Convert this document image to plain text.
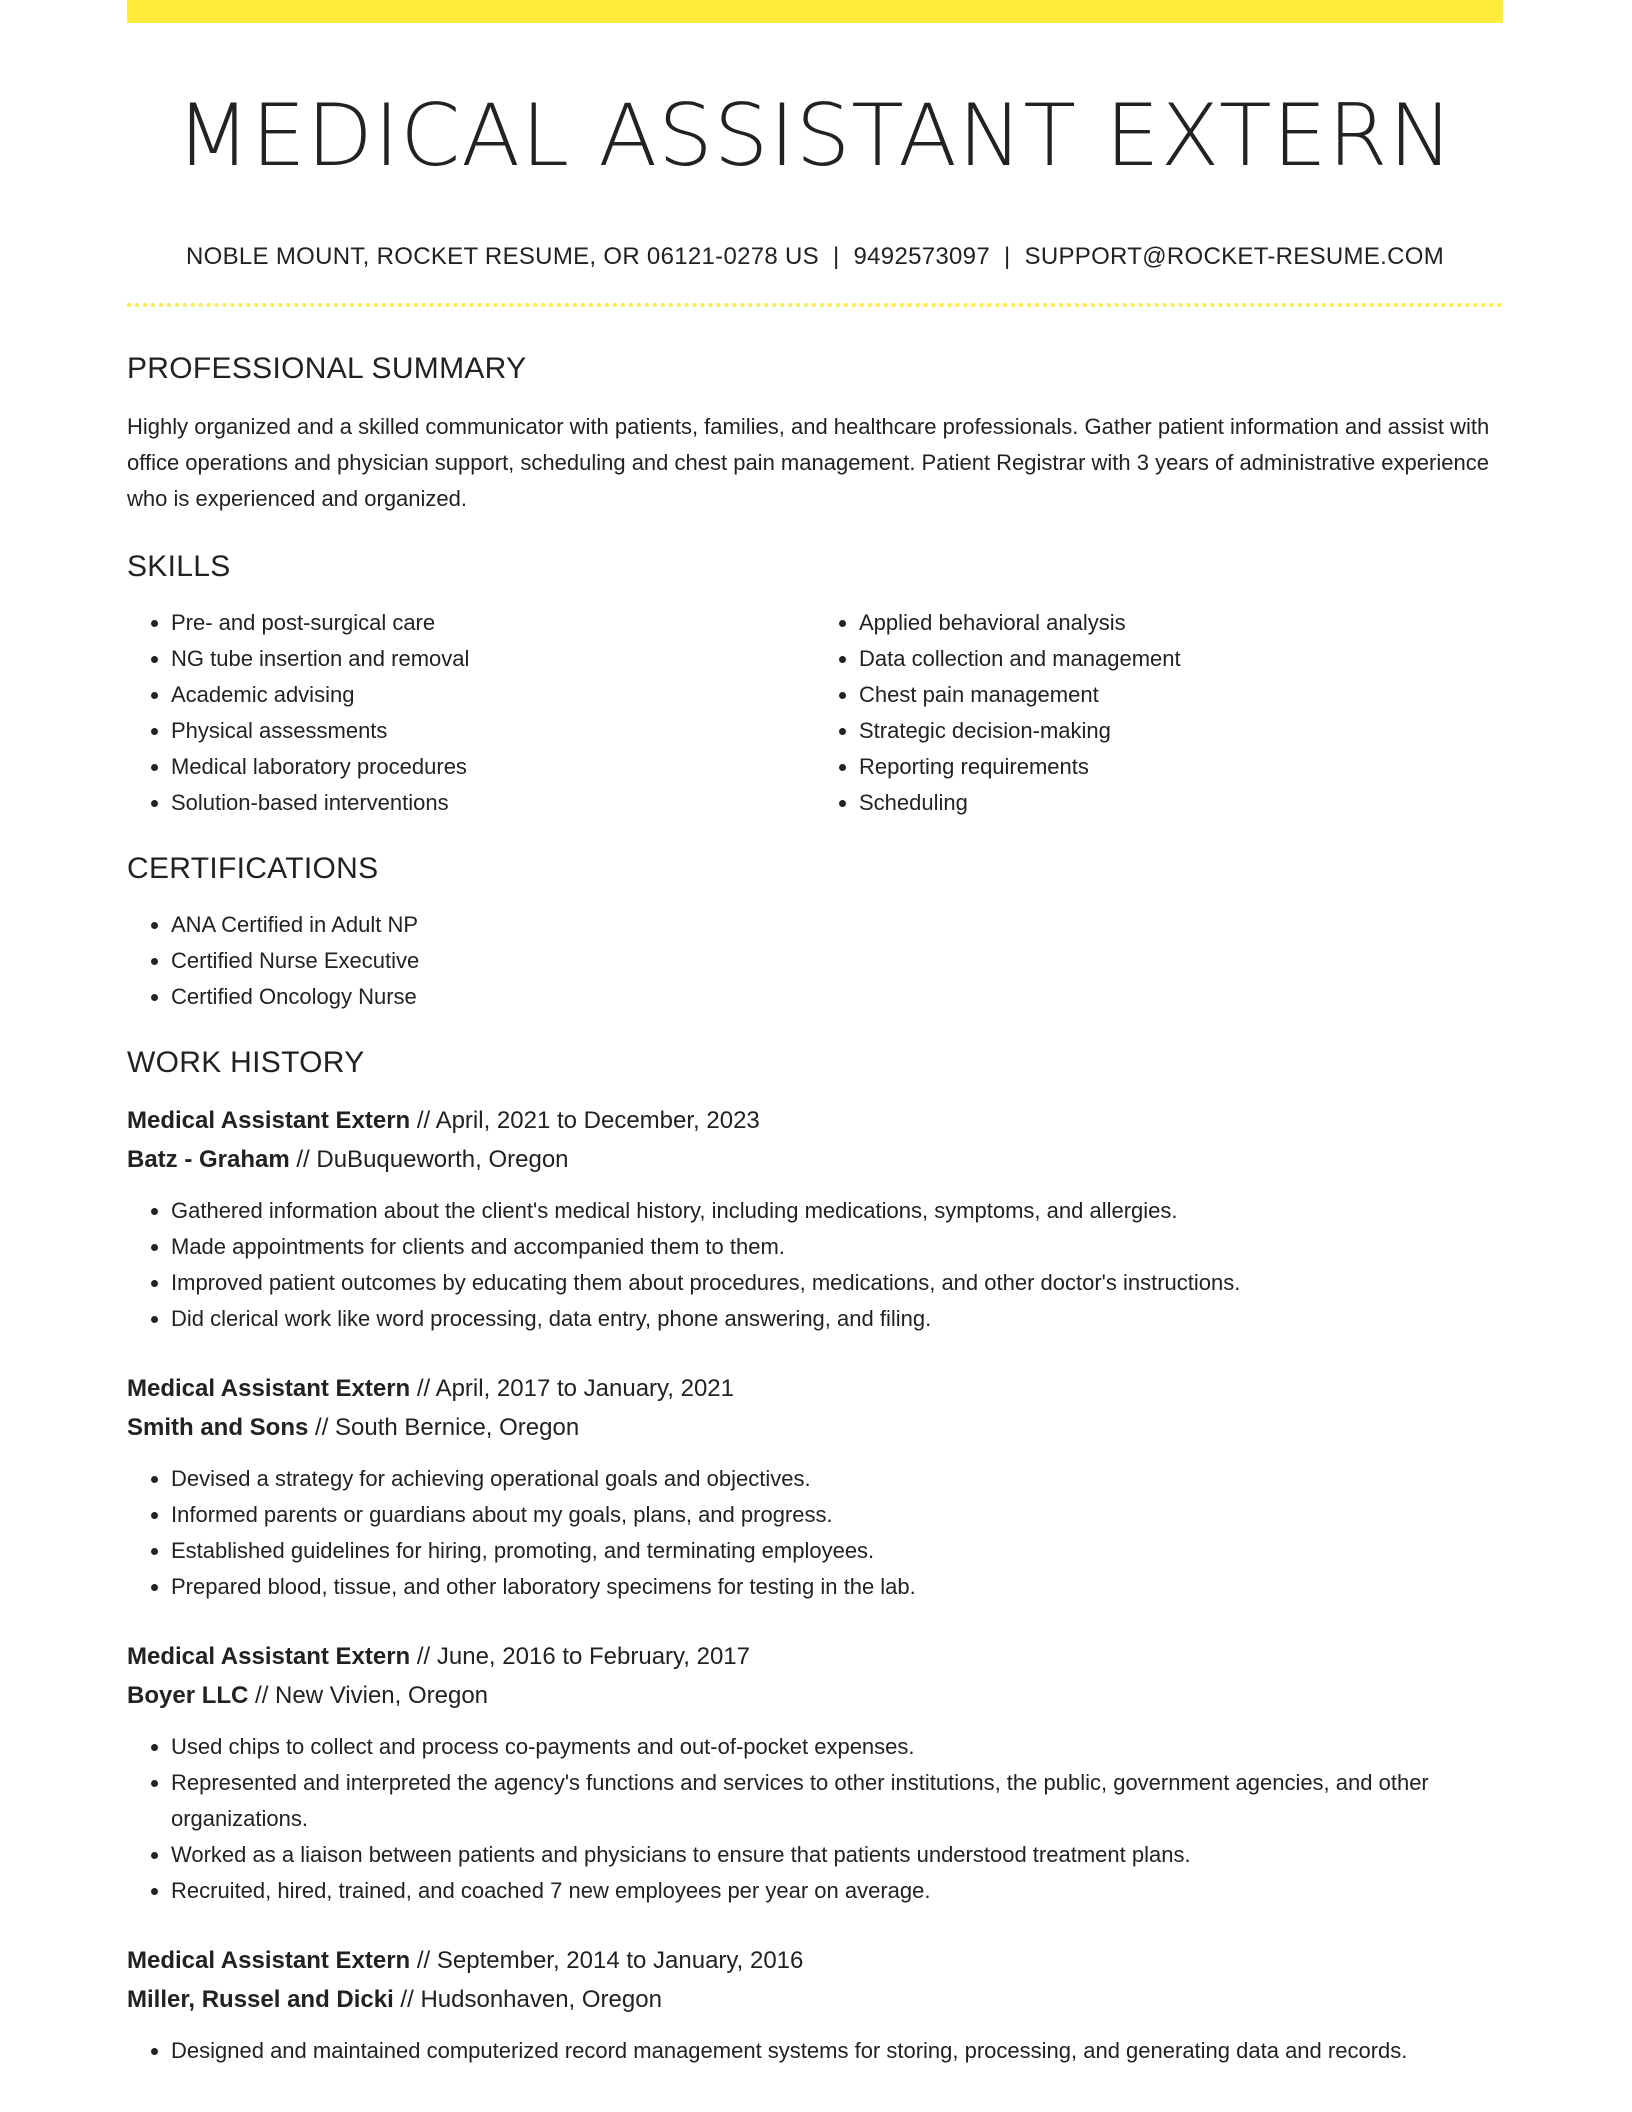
MEDICAL ASSISTANT EXTERN
NOBLE MOUNT, ROCKET RESUME, OR 06121-0278 US | 9492573097 | SUPPORT@ROCKET-RESUME.COM
PROFESSIONAL SUMMARY

Highly organized and a skilled communicator with patients, families, and healthcare professionals. Gather patient information and assist with office operations and physician support, scheduling and chest pain management. Patient Registrar with 3 years of administrative experience who is experienced and organized.

SKILLS
• Pre- and post-surgical care
• NG tube insertion and removal
• Academic advising
• Physical assessments
• Medical laboratory procedures
• Solution-based interventions
• Applied behavioral analysis
• Data collection and management
• Chest pain management
• Strategic decision-making
• Reporting requirements
• Scheduling
CERTIFICATIONS
• ANA Certified in Adult NP
• Certified Nurse Executive
• Certified Oncology Nurse
WORK HISTORY
Medical Assistant Extern // April, 2021 to December, 2023
Batz - Graham // DuBuqueworth, Oregon
• Gathered information about the client's medical history, including medications, symptoms, and allergies.
• Made appointments for clients and accompanied them to them.
• Improved patient outcomes by educating them about procedures, medications, and other doctor's instructions.
• Did clerical work like word processing, data entry, phone answering, and filing.
Medical Assistant Extern // April, 2017 to January, 2021
Smith and Sons // South Bernice, Oregon
• Devised a strategy for achieving operational goals and objectives.
• Informed parents or guardians about my goals, plans, and progress.
• Established guidelines for hiring, promoting, and terminating employees.
• Prepared blood, tissue, and other laboratory specimens for testing in the lab.
Medical Assistant Extern // June, 2016 to February, 2017
Boyer LLC // New Vivien, Oregon
• Used chips to collect and process co-payments and out-of-pocket expenses.
• Represented and interpreted the agency's functions and services to other institutions, the public, government agencies, and other organizations.
• Worked as a liaison between patients and physicians to ensure that patients understood treatment plans.
• Recruited, hired, trained, and coached 7 new employees per year on average.
Medical Assistant Extern // September, 2014 to January, 2016
Miller, Russel and Dicki // Hudsonhaven, Oregon
• Designed and maintained computerized record management systems for storing, processing, and generating data and records.
